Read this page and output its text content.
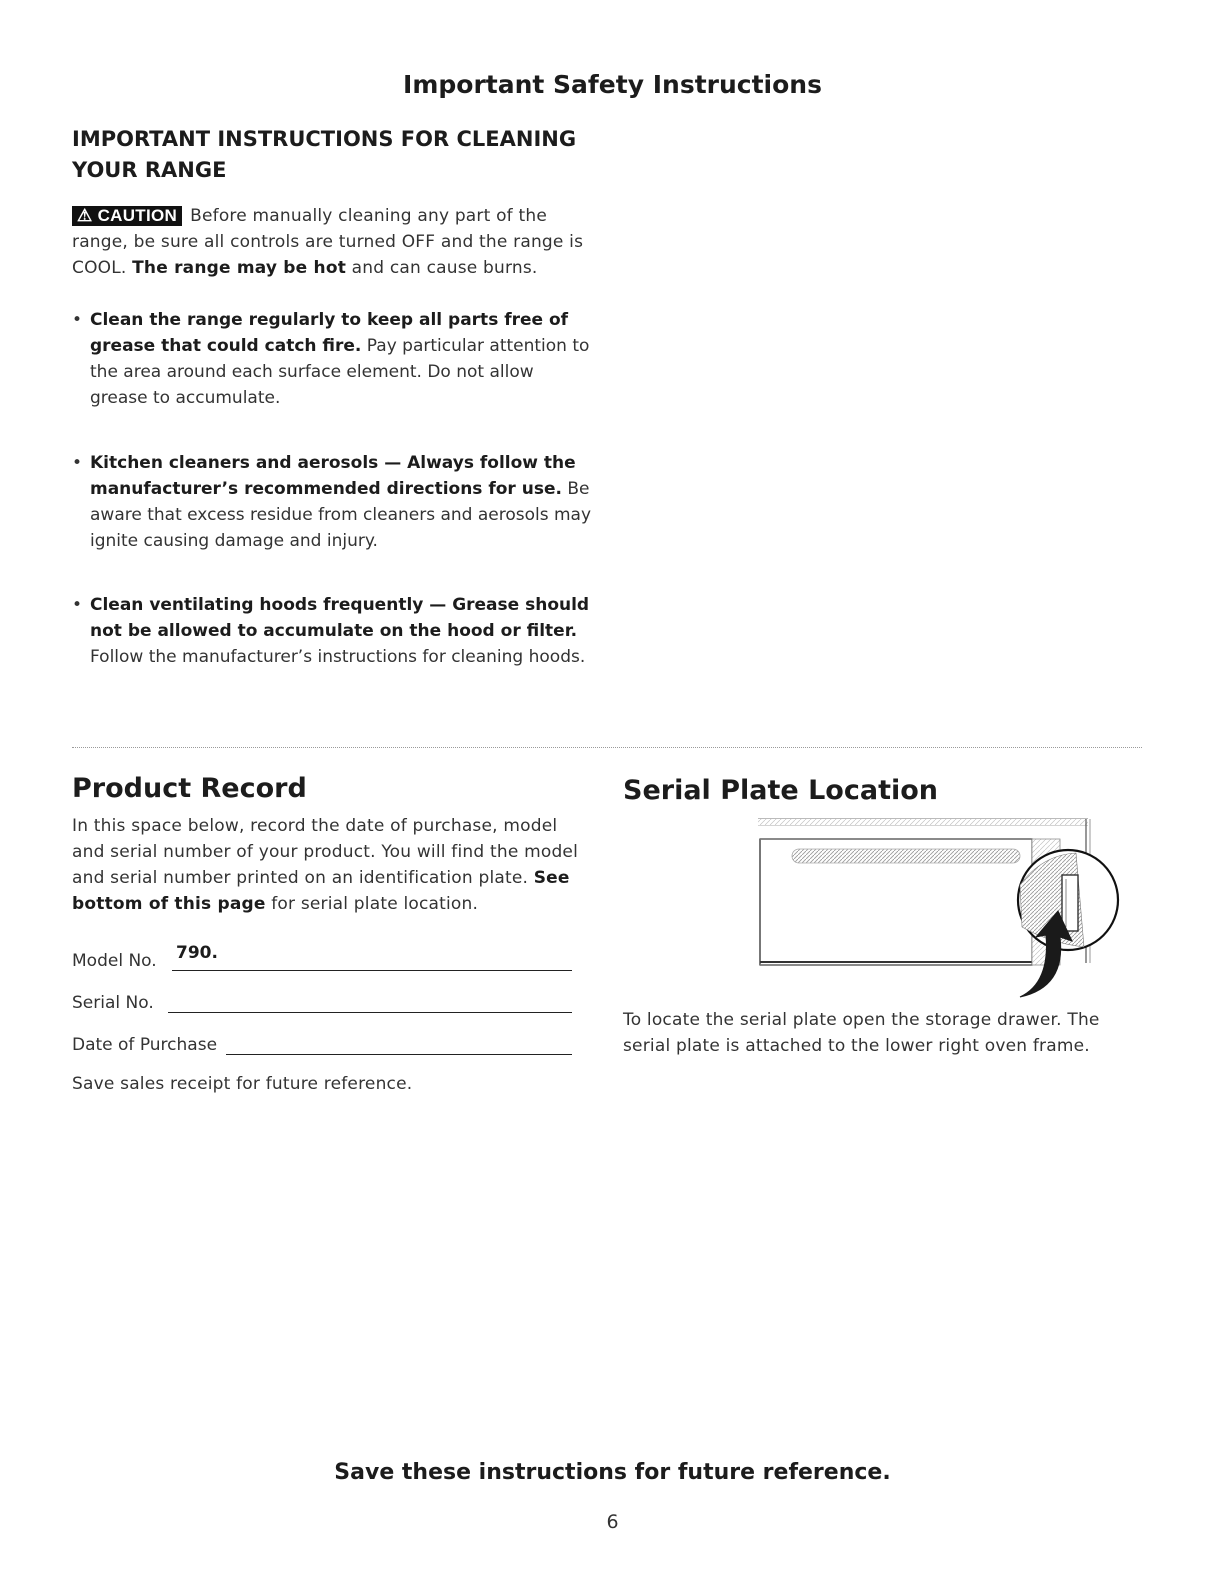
Important Safety Instructions
IMPORTANT INSTRUCTIONS FOR CLEANING
YOUR RANGE
⚠ CAUTION Before manually cleaning any part of the range, be sure all controls are turned OFF and the range is COOL. The range may be hot and can cause burns.
• Clean the range regularly to keep all parts free of grease that could catch fire. Pay particular attention to the area around each surface element. Do not allow grease to accumulate.
• Kitchen cleaners and aerosols — Always follow the manufacturer’s recommended directions for use. Be aware that excess residue from cleaners and aerosols may ignite causing damage and injury.
• Clean ventilating hoods frequently — Grease should not be allowed to accumulate on the hood or filter. Follow the manufacturer’s instructions for cleaning hoods.
Product Record
In this space below, record the date of purchase, model and serial number of your product. You will find the model and serial number printed on an identification plate. See bottom of this page for serial plate location.
Model No. 790.
Serial No.
Date of Purchase
Save sales receipt for future reference.
Serial Plate Location
To locate the serial plate open the storage drawer. The serial plate is attached to the lower right oven frame.
Save these instructions for future reference.
6
